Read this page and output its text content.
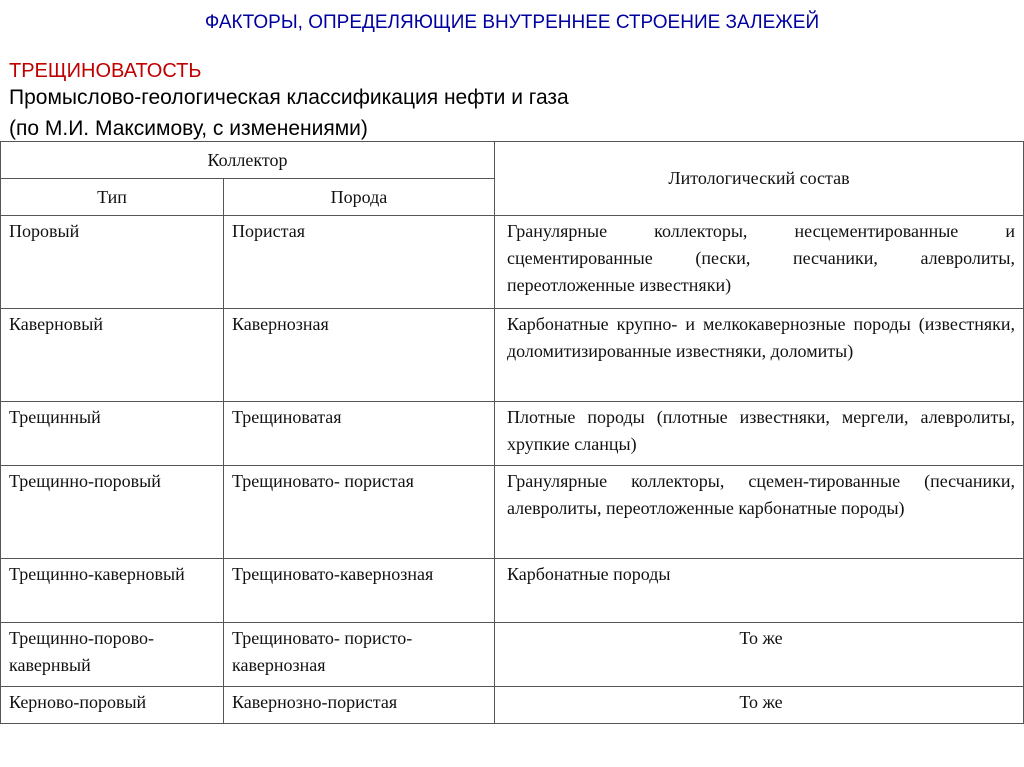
ФАКТОРЫ, ОПРЕДЕЛЯЮЩИЕ ВНУТРЕННЕЕ СТРОЕНИЕ ЗАЛЕЖЕЙ
ТРЕЩИНОВАТОСТЬ
Промыслово-геологическая классификация нефти и газа
(по М.И. Максимову, с изменениями)
Коллектор		Литологический состав
Тип	Порода	
Поровый	Пористая	Гранулярные коллекторы, несцементированные и сцементированные (пески, песчаники, алевролиты, переотложенные известняки)
Каверновый	Кавернозная	Карбонатные крупно- и мелкокавернозные породы (известняки, доломитизированные известняки, доломиты)
Трещинный	Трещиноватая	Плотные породы (плотные известняки, мергели, алевролиты, хрупкие сланцы)
Трещинно-поровый	Трещиновато- пористая	Гранулярные коллекторы, сцемен-тированные (песчаники, алевролиты, переотложенные карбонатные породы)
Трещинно-каверновый	Трещиновато-кавернозная	Карбонатные породы
Трещинно-порово-кавернвый	Трещиновато- пористо-кавернозная	То же
Керново-поровый	Кавернозно-пористая	То же
